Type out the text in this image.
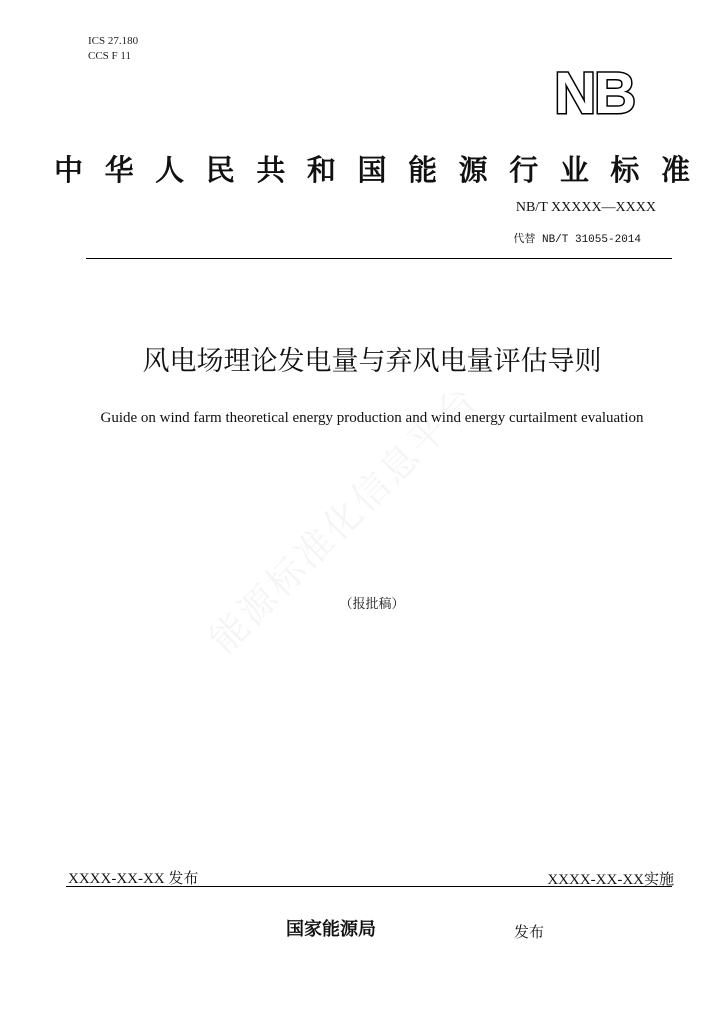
ICS 27.180
CCS F 11
NB
中华人民共和国能源行业标准
NB/T XXXXX—XXXX
代替 NB/T 31055-2014
风电场理论发电量与弃风电量评估导则
Guide on wind farm theoretical energy production and wind energy curtailment evaluation
（报批稿）
XXXX-XX-XX 发布	XXXX-XX-XX实施
国家能源局	发布
